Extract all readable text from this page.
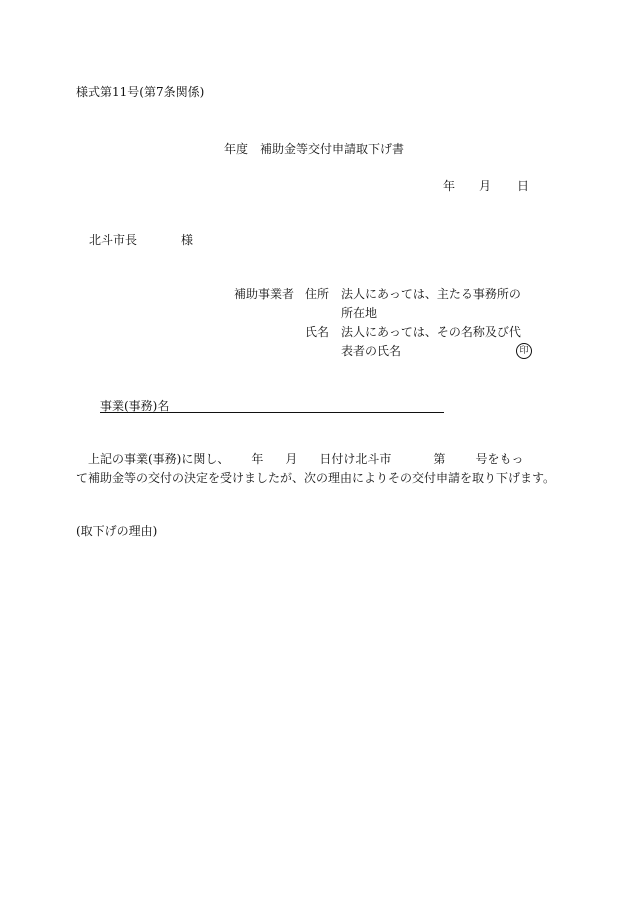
様式第11号(第7条関係)
年度 補助金等交付申請取下げ書
年 月 日
北斗市長	様
補助事業者 住所 法人にあっては、主たる事務所の
所在地
氏名 法人にあっては、その名称及び代
表者の氏名	印
事業(事務)名
上記の事業(事務)に関し、 年 月 日付け北斗市	第	号をもっ
て補助金等の交付の決定を受けましたが、次の理由によりその交付申請を取り下げます。
(取下げの理由)
